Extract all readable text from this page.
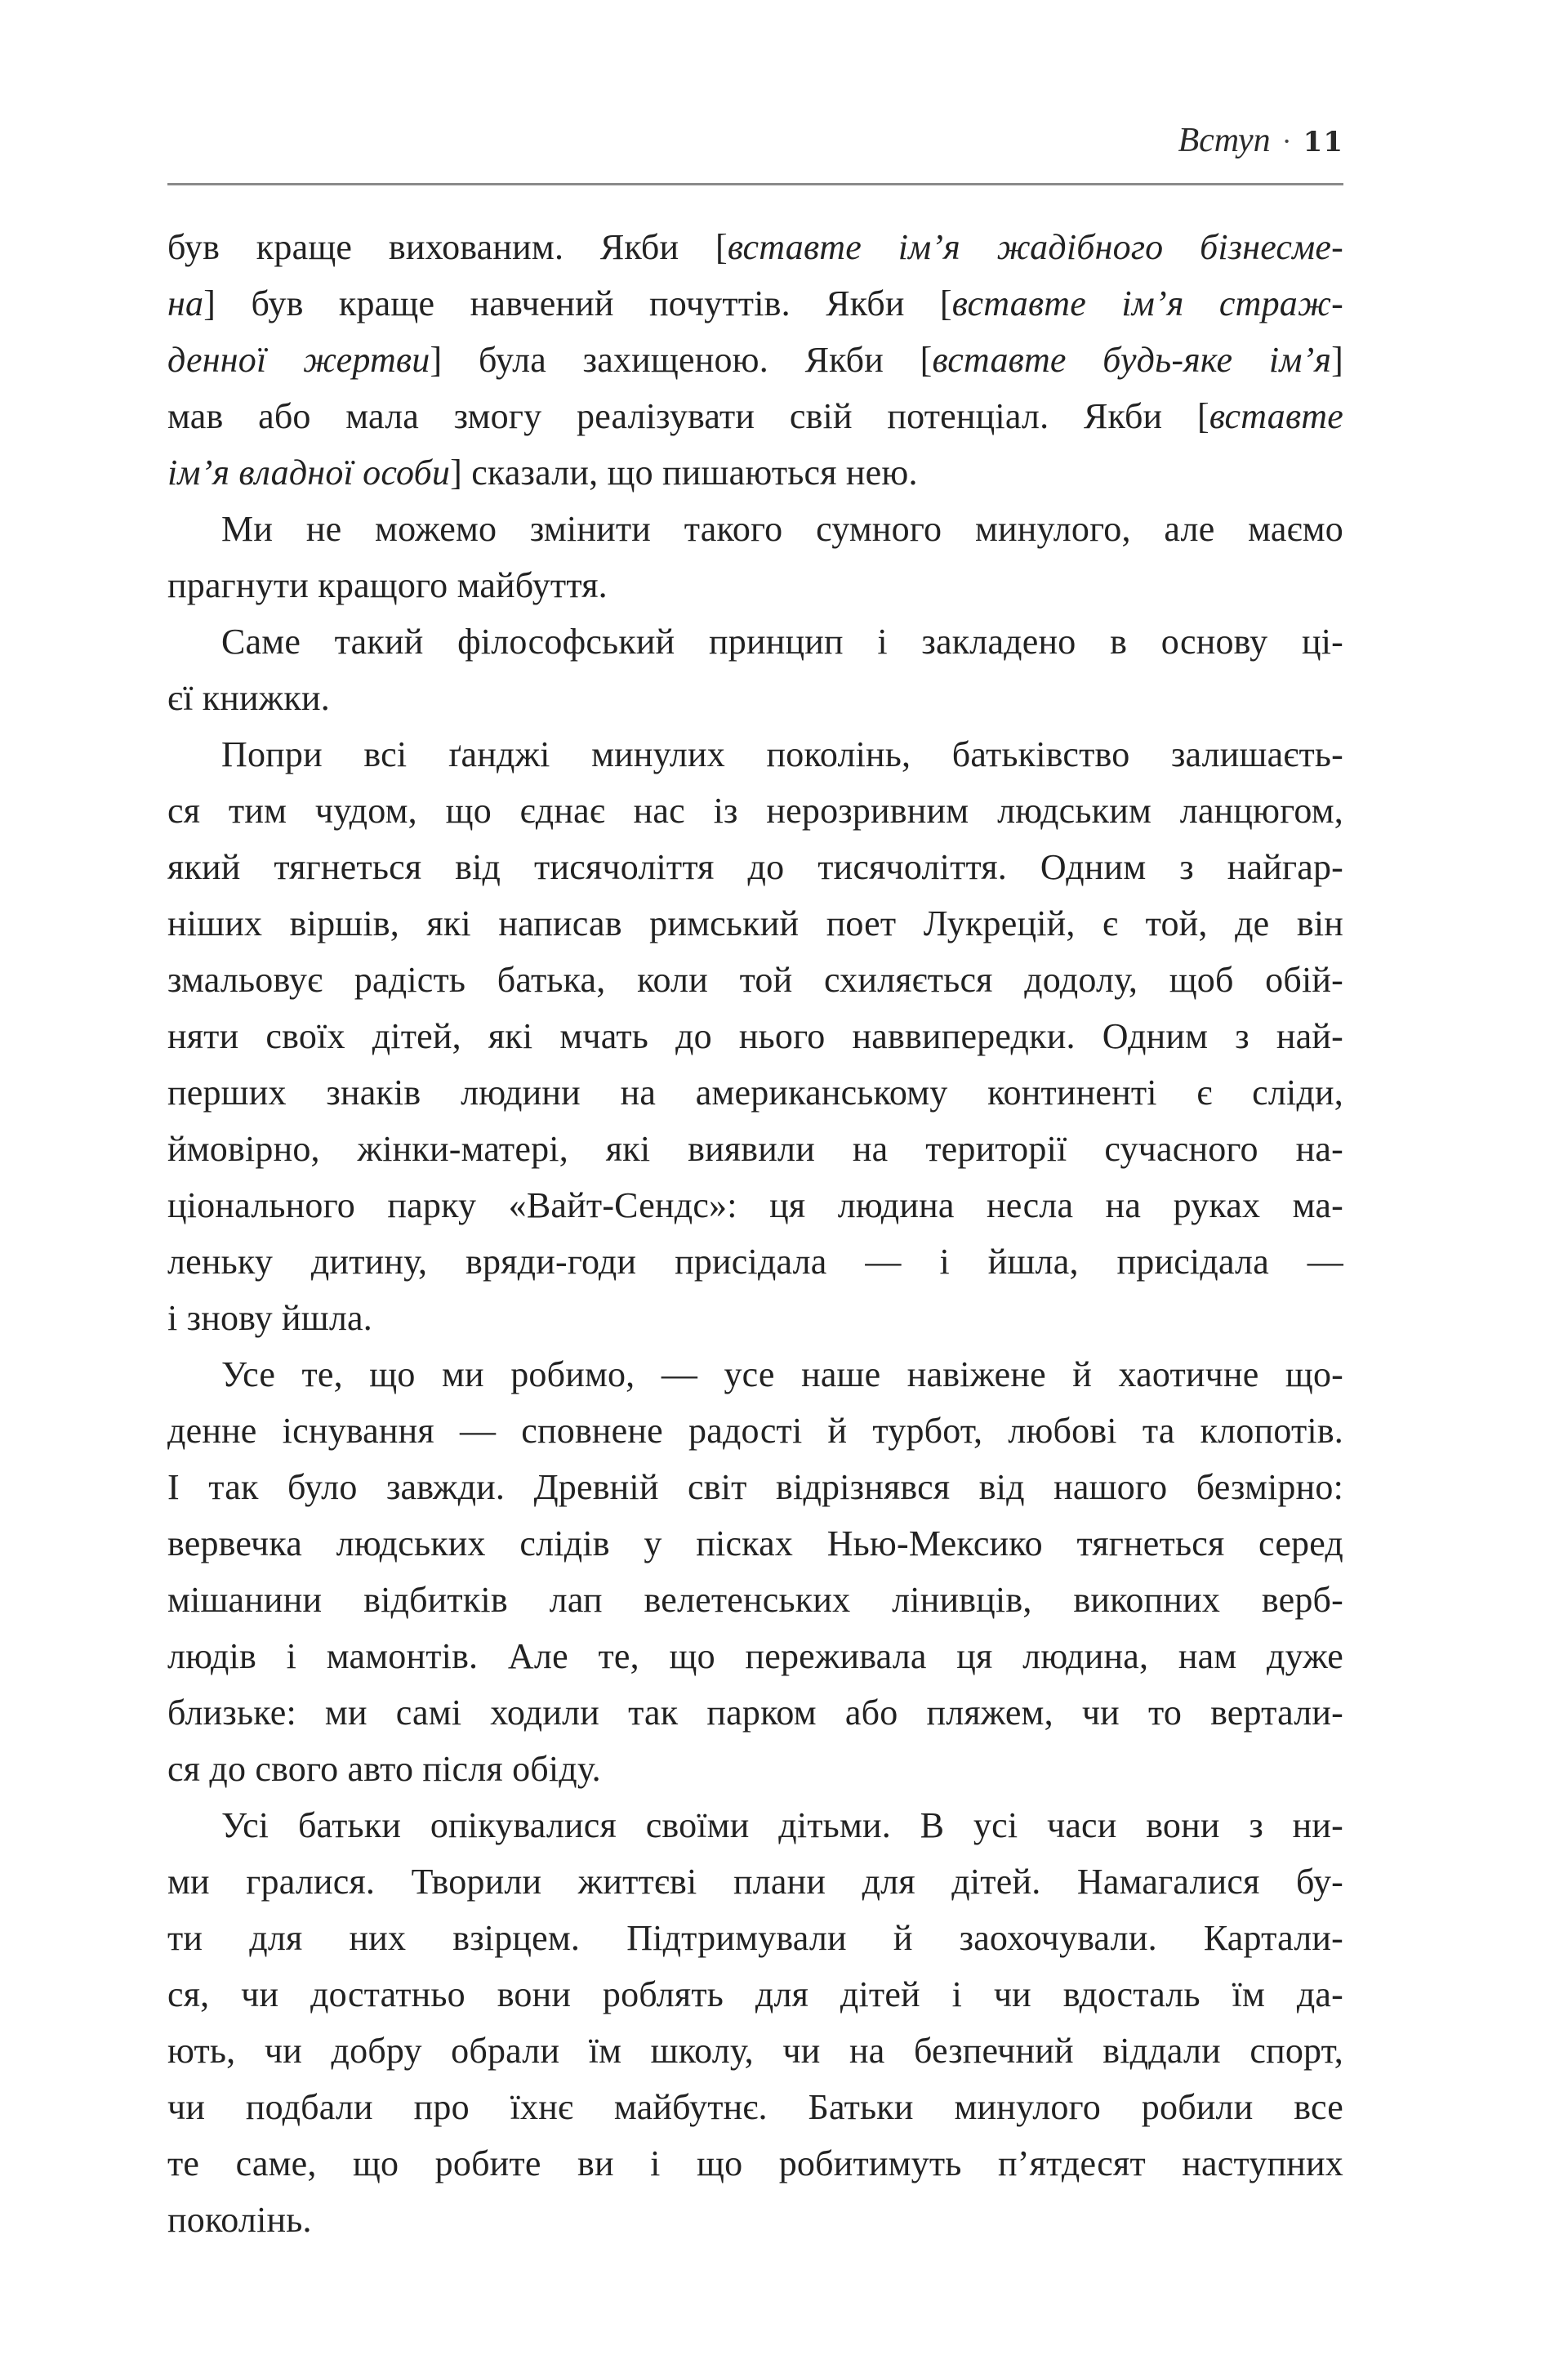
Вступ · 11
був краще вихованим. Якби [вставте ім’я жадібного бізнесме-
на] був краще навчений почуттів. Якби [вставте ім’я страж-
денної жертви] була захищеною. Якби [вставте будь-яке ім’я]
мав або мала змогу реалізувати свій потенціал. Якби [вставте
ім’я владної особи] сказали, що пишаються нею.
Ми не можемо змінити такого сумного минулого, але маємо
прагнути кращого майбуття.
Саме такий філософський принцип і закладено в основу ці-
єї книжки.
Попри всі ґанджі минулих поколінь, батьківство залишаєть-
ся тим чудом, що єднає нас із нерозривним людським ланцюгом,
який тягнеться від тисячоліття до тисячоліття. Одним з найгар-
ніших віршів, які написав римський поет Лукрецій, є той, де він
змальовує радість батька, коли той схиляється додолу, щоб обій-
няти своїх дітей, які мчать до нього наввипередки. Одним з най-
перших знаків людини на американському континенті є сліди,
ймовірно, жінки-матері, які виявили на території сучасного на-
ціонального парку «Вайт-Сендс»: ця людина несла на руках ма-
леньку дитину, вряди-годи присідала — і йшла, присідала —
і знову йшла.
Усе те, що ми робимо, — усе наше навіжене й хаотичне що-
денне існування — сповнене радості й турбот, любові та клопотів.
І так було завжди. Древній світ відрізнявся від нашого безмірно:
вервечка людських слідів у пісках Нью-Мексико тягнеться серед
мішанини відбитків лап велетенських лінивців, викопних верб-
людів і мамонтів. Але те, що переживала ця людина, нам дуже
близьке: ми самі ходили так парком або пляжем, чи то вертали-
ся до свого авто після обіду.
Усі батьки опікувалися своїми дітьми. В усі часи вони з ни-
ми гралися. Творили життєві плани для дітей. Намагалися бу-
ти для них взірцем. Підтримували й заохочували. Картали-
ся, чи достатньо вони роблять для дітей і чи вдосталь їм да-
ють, чи добру обрали їм школу, чи на безпечний віддали спорт,
чи подбали про їхнє майбутнє. Батьки минулого робили все
те саме, що робите ви і що робитимуть п’ятдесят наступних
поколінь.
